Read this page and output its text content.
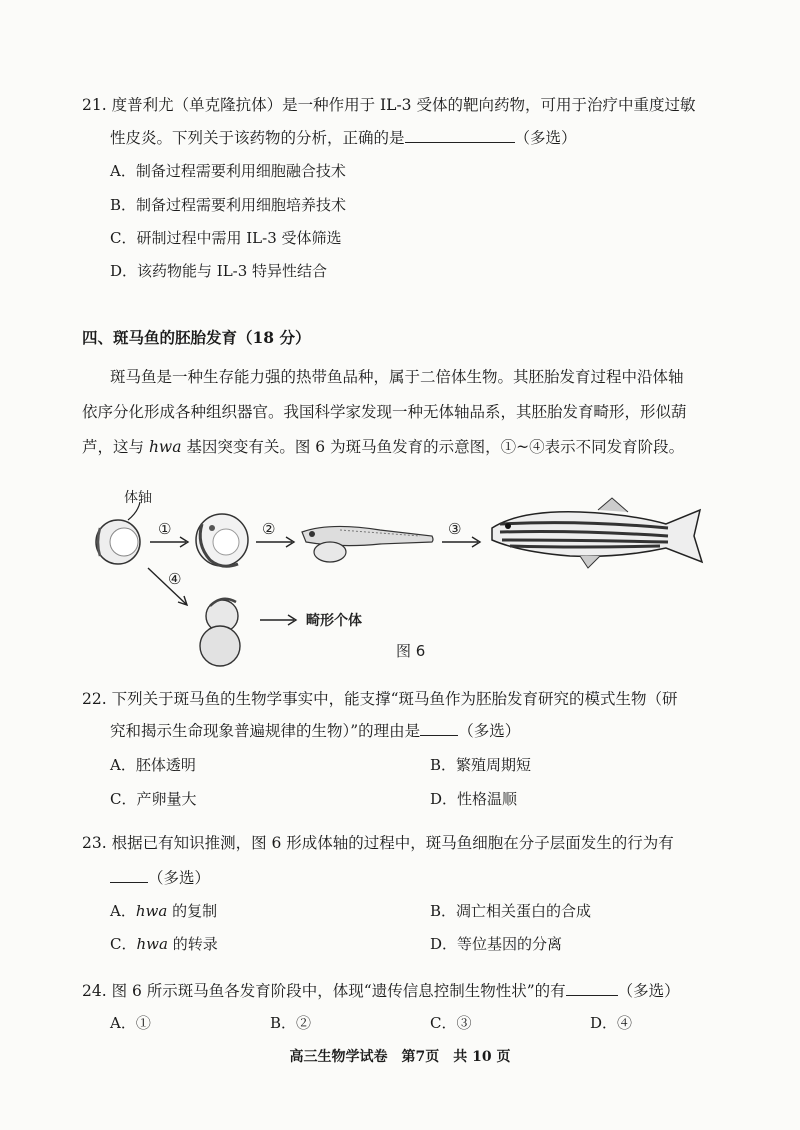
21. 度普利尤（单克隆抗体）是一种作用于 IL-3 受体的靶向药物，可用于治疗中重度过敏
性皮炎。下列关于该药物的分析，正确的是	（多选）
A．制备过程需要利用细胞融合技术
B．制备过程需要利用细胞培养技术
C．研制过程中需用 IL-3 受体筛选
D．该药物能与 IL-3 特异性结合
四、斑马鱼的胚胎发育（18 分）
斑马鱼是一种生存能力强的热带鱼品种，属于二倍体生物。其胚胎发育过程中沿体轴
依序分化形成各种组织器官。我国科学家发现一种无体轴品系，其胚胎发育畸形，形似葫
芦，这与 hwa 基因突变有关。图 6 为斑马鱼发育的示意图，①~④表示不同发育阶段。
体轴
①	②	③
④
畸形个体
图 6
22. 下列关于斑马鱼的生物学事实中，能支撑“斑马鱼作为胚胎发育研究的模式生物（研
究和揭示生命现象普遍规律的生物）”的理由是 （多选）
A．胚体透明	B．繁殖周期短
C．产卵量大	D．性格温顺
23. 根据已有知识推测，图 6 形成体轴的过程中，斑马鱼细胞在分子层面发生的行为有
（多选）
A．hwa 的复制	B．凋亡相关蛋白的合成
C．hwa 的转录	D．等位基因的分离
24. 图 6 所示斑马鱼各发育阶段中，体现“遗传信息控制生物性状”的有	（多选）
A．①	B．②	C．③	D．④
高三生物学试卷　第7页　共 10 页
